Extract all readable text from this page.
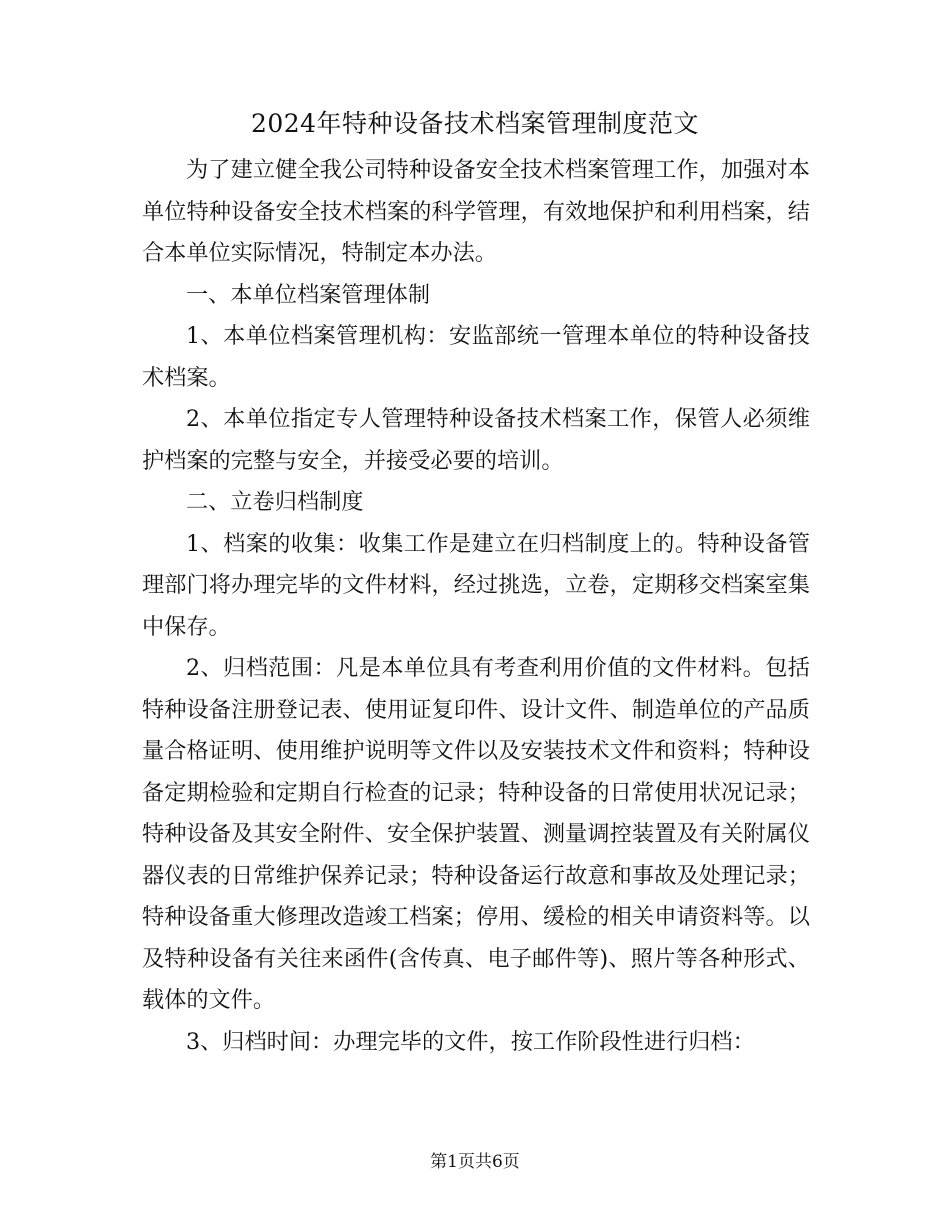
2024年特种设备技术档案管理制度范文

为了建立健全我公司特种设备安全技术档案管理工作，加强对本单位特种设备安全技术档案的科学管理，有效地保护和利用档案，结合本单位实际情况，特制定本办法。

一、本单位档案管理体制

1、本单位档案管理机构：安监部统一管理本单位的特种设备技术档案。

2、本单位指定专人管理特种设备技术档案工作，保管人必须维护档案的完整与安全，并接受必要的培训。

二、立卷归档制度

1、档案的收集：收集工作是建立在归档制度上的。特种设备管理部门将办理完毕的文件材料，经过挑选，立卷，定期移交档案室集中保存。

2、归档范围：凡是本单位具有考查利用价值的文件材料。包括特种设备注册登记表、使用证复印件、设计文件、制造单位的产品质量合格证明、使用维护说明等文件以及安装技术文件和资料；特种设备定期检验和定期自行检查的记录；特种设备的日常使用状况记录；特种设备及其安全附件、安全保护装置、测量调控装置及有关附属仪器仪表的日常维护保养记录；特种设备运行故意和事故及处理记录；特种设备重大修理改造竣工档案；停用、缓检的相关申请资料等。以及特种设备有关往来函件(含传真、电子邮件等)、照片等各种形式、载体的文件。

3、归档时间：办理完毕的文件，按工作阶段性进行归档：

第1页共6页
